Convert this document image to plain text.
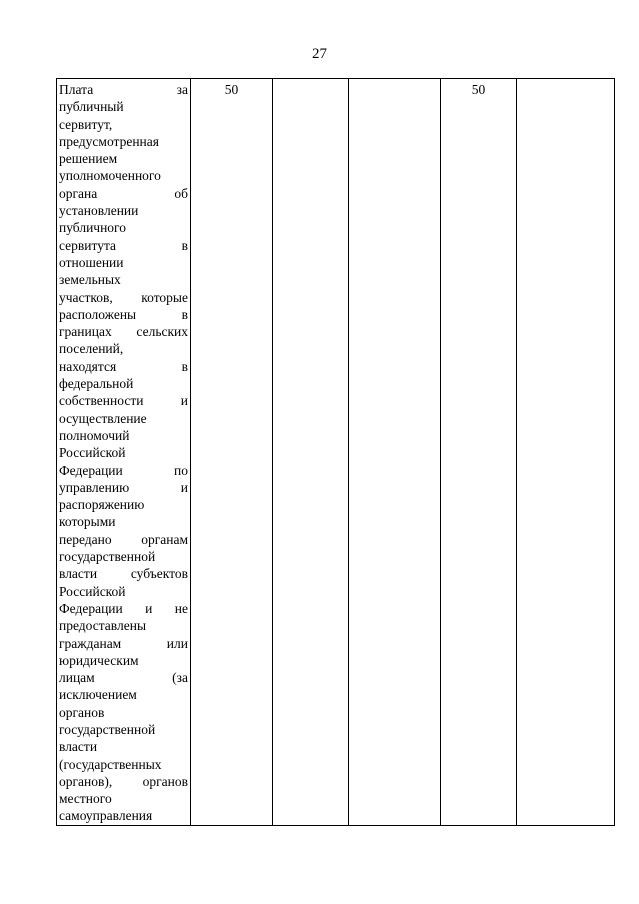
27
Плата за
публичный
сервитут,
предусмотренная
решением
уполномоченного
органа об
установлении
публичного
сервитута в
отношении
земельных
участков, которые
расположены в
границах сельских
поселений,
находятся в
федеральной
собственности и
осуществление
полномочий
Российской
Федерации по
управлению и
распоряжению
которыми
передано органам
государственной
власти субъектов
Российской
Федерации и не
предоставлены
гражданам или
юридическим
лицам (за
исключением
органов
государственной
власти
(государственных
органов), органов
местного
самоуправления
	50			50	
